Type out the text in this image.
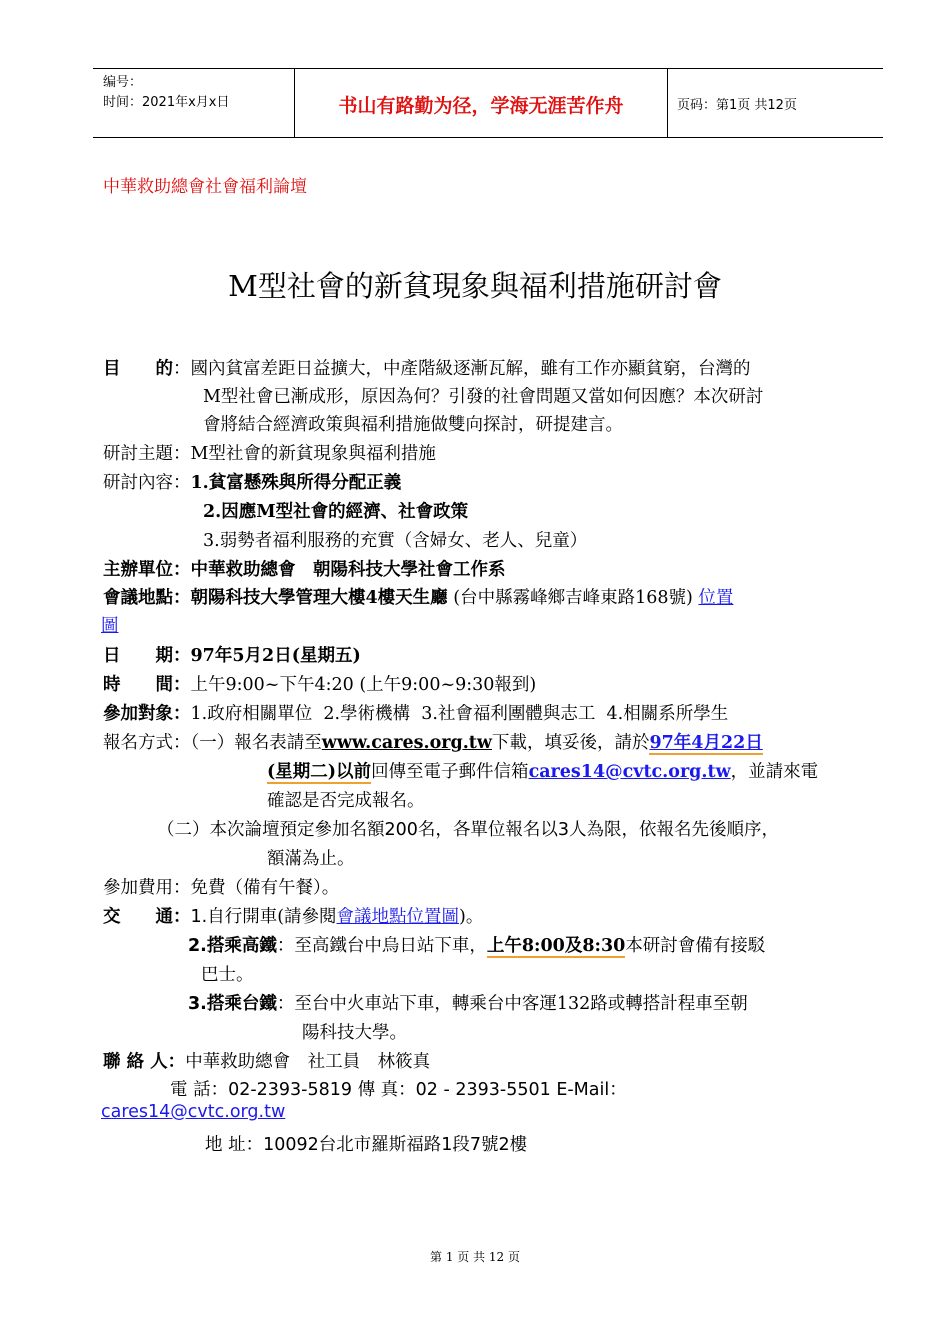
编号：
时间：2021年x月x日	书山有路勤为径，学海无涯苦作舟	页码：第1页 共12页
中華救助總會社會福利論壇
M型社會的新貧現象與福利措施研討會
目　　的：國內貧富差距日益擴大，中產階級逐漸瓦解，雖有工作亦顯貧窮，台灣的
M型社會已漸成形，原因為何？引發的社會問題又當如何因應？本次研討
會將結合經濟政策與福利措施做雙向探討，研提建言。
研討主題：M型社會的新貧現象與福利措施
研討內容：1.貧富懸殊與所得分配正義
2.因應M型社會的經濟、社會政策
3.弱勢者福利服務的充實（含婦女、老人、兒童）
主辦單位：中華救助總會　朝陽科技大學社會工作系
會議地點：朝陽科技大學管理大樓4樓天生廳 (台中縣霧峰鄉吉峰東路168號) 位置
圖
日　　期：97年5月2日(星期五)
時　　間：上午9:00~下午4:20 (上午9:00~9:30報到)
參加對象：1.政府相關單位 2.學術機構 3.社會福利團體與志工 4.相關系所學生
報名方式：（一）報名表請至www.cares.org.tw下載，填妥後，請於97年4月22日
(星期二)以前回傳至電子郵件信箱cares14@cvtc.org.tw，並請來電
確認是否完成報名。
（二）本次論壇預定參加名額200名，各單位報名以3人為限，依報名先後順序，
額滿為止。
參加費用：免費（備有午餐）。
交　　通：1.自行開車(請參閱會議地點位置圖)。
2.搭乘高鐵：至高鐵台中烏日站下車，上午8:00及8:30本研討會備有接駁
巴士。
3.搭乘台鐵：至台中火車站下車，轉乘台中客運132路或轉搭計程車至朝
陽科技大學。
聯 絡 人：中華救助總會　社工員　林筱真
電 話：02-2393-5819 傳 真：02 - 2393-5501 E-Mail：
cares14@cvtc.org.tw
地 址：10092台北市羅斯福路1段7號2樓
第 1 页 共 12 页
